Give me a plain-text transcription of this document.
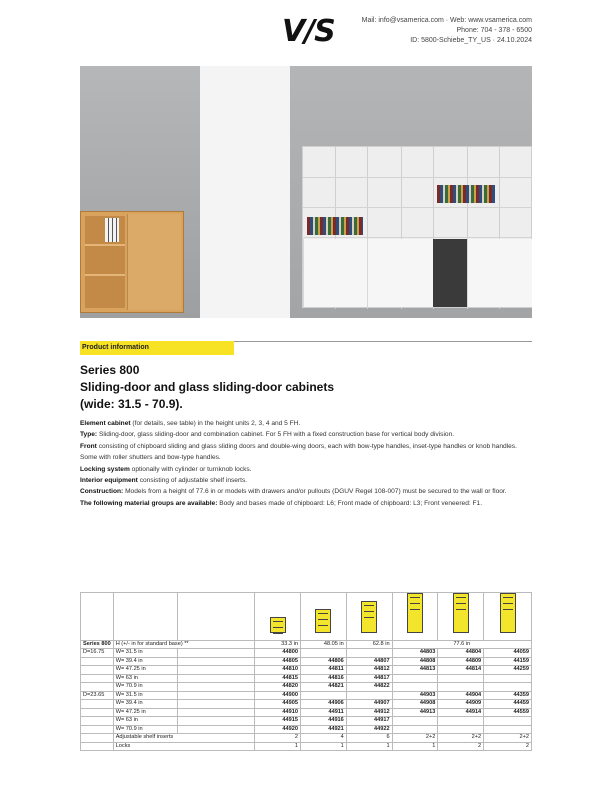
V/S	Mail: info@vsamerica.com · Web: www.vsamerica.com
Phone: 704 - 378 - 6500
ID: 5800-Schiebe_TY_US · 24.10.2024
Product information
Series 800
Sliding-door and glass sliding-door cabinets
(wide: 31.5 - 70.9).

Element cabinet (for details, see table) in the height units 2, 3, 4 and 5 FH.

Type: Sliding-door, glass sliding-door and combination cabinet. For 5 FH with a fixed construction base for vertical body division.

Front consisting of chipboard sliding and glass sliding doors and double-wing doors, each with bow-type handles, inset-type handles or knob handles. Some with roller shutters and bow-type handles.

Locking system optionally with cylinder or turnknob locks.

Interior equipment consisting of adjustable shelf inserts.

Construction: Models from a height of 77.6 in or models with drawers and/or pullouts (DGUV Regel 108-007) must be secured to the wall or floor.

The following material groups are available: Body and bases made of chipboard: L6; Front made of chipboard: L3; Front veneered: F1.

Series 800	H (+/- in for standard base) **		33.3 in	48.05 in	62.8 in	77.6 in		
D=16.75	W= 31.5 in		44800			44803	44804	44059
	W= 39.4 in		44805	44806	44807	44808	44809	44159
	W= 47.25 in		44810	44811	44812	44813	44814	44259
	W= 63 in		44815	44816	44817			
	W= 70.9 in		44820	44821	44822			
D=23.65	W= 31.5 in		44900			44903	44904	44359
	W= 39.4 in		44905	44906	44907	44908	44909	44459
	W= 47.25 in		44910	44911	44912	44913	44914	44559
	W= 63 in		44915	44916	44917			
	W= 70.9 in		44920	44921	44922			
	Adjustable shelf inserts		2	4	6	2+2	2+2	2+2
	Locks		1	1	1	1	2	2
